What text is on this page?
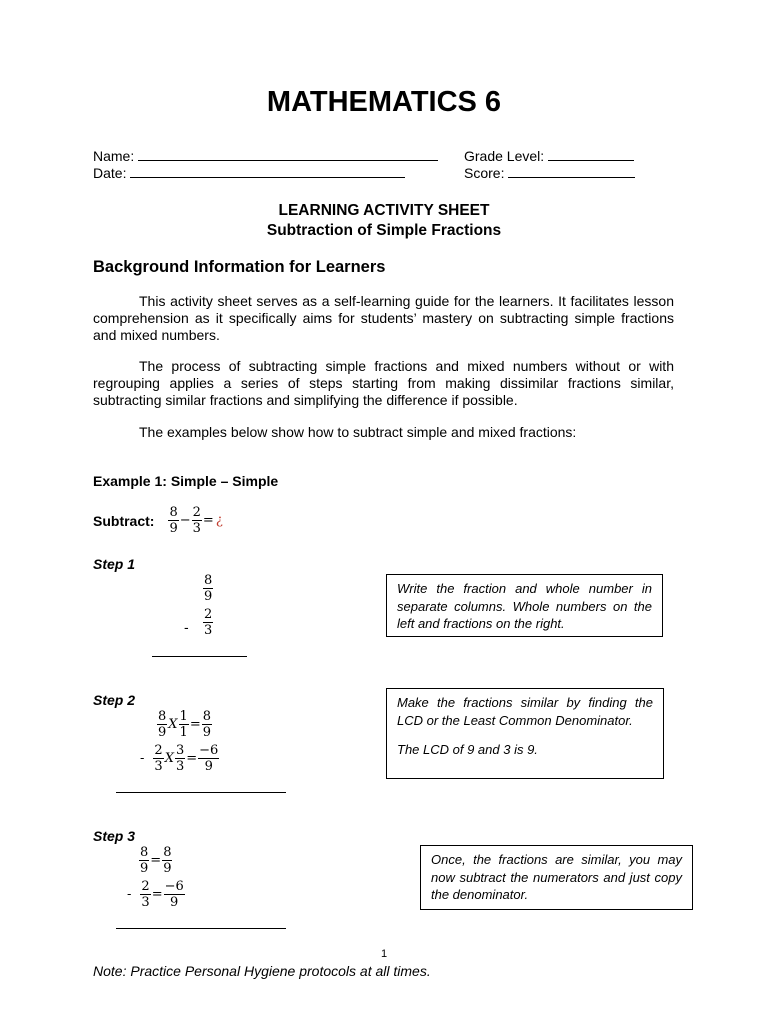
MATHEMATICS 6
Name:	Grade Level:
Date:	Score:
LEARNING ACTIVITY SHEET
Subtraction of Simple Fractions
Background Information for Learners
This activity sheet serves as a self-learning guide for the learners. It facilitates lesson comprehension as it specifically aims for students’ mastery on subtracting simple fractions and mixed numbers.
The process of subtracting simple fractions and mixed numbers without or with regrouping applies a series of steps starting from making dissimilar fractions similar, subtracting similar fractions and simplifying the difference if possible.
The examples below show how to subtract simple and mixed fractions:
Example 1: Simple – Simple
Subtract: $\frac{8}{9} - \frac{2}{3}$ = ¿
Step 1
$\frac{8}{9}$
- $\frac{2}{3}$

Write the fraction and whole number in separate columns. Whole numbers on the left and fractions on the right.

Step 2
$\frac{8}{9}$ X $\frac{1}{1} = \frac{8}{9}$
- $\frac{2}{3}$ X $\frac{3}{3} = \frac{-6}{9}$

Make the fractions similar by finding the LCD or the Least Common Denominator.

The LCD of 9 and 3 is 9.

Step 3
$\frac{8}{9} = \frac{8}{9}$
- $\frac{2}{3} = \frac{-6}{9}$

Once, the fractions are similar, you may now subtract the numerators and just copy the denominator.

1
Note: Practice Personal Hygiene protocols at all times.
